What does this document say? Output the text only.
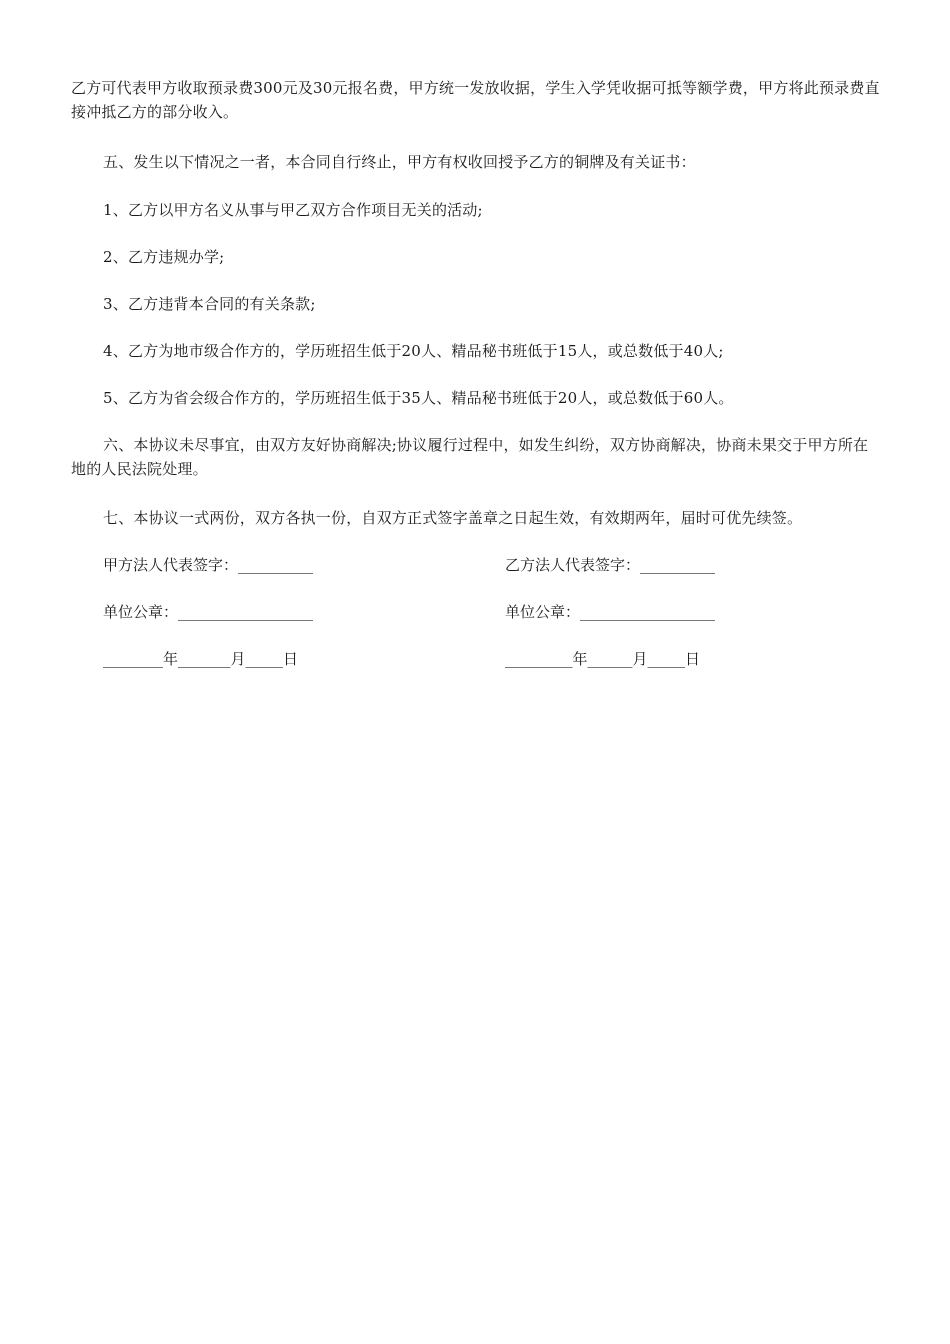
乙方可代表甲方收取预录费300元及30元报名费，甲方统一发放收据，学生入学凭收据可抵等额学费，甲方将此预录费直接冲抵乙方的部分收入。
五、发生以下情况之一者，本合同自行终止，甲方有权收回授予乙方的铜牌及有关证书：
1、乙方以甲方名义从事与甲乙双方合作项目无关的活动;
2、乙方违规办学;
3、乙方违背本合同的有关条款;
4、乙方为地市级合作方的，学历班招生低于20人、精品秘书班低于15人，或总数低于40人;
5、乙方为省会级合作方的，学历班招生低于35人、精品秘书班低于20人，或总数低于60人。
六、本协议未尽事宜，由双方友好协商解决;协议履行过程中，如发生纠纷，双方协商解决，协商未果交于甲方所在地的人民法院处理。
七、本协议一式两份，双方各执一份，自双方正式签字盖章之日起生效，有效期两年，届时可优先续签。
甲方法人代表签字：__________	乙方法人代表签字：__________
单位公章：__________________	单位公章：__________________
________年_______月_____日	_________年______月_____日
